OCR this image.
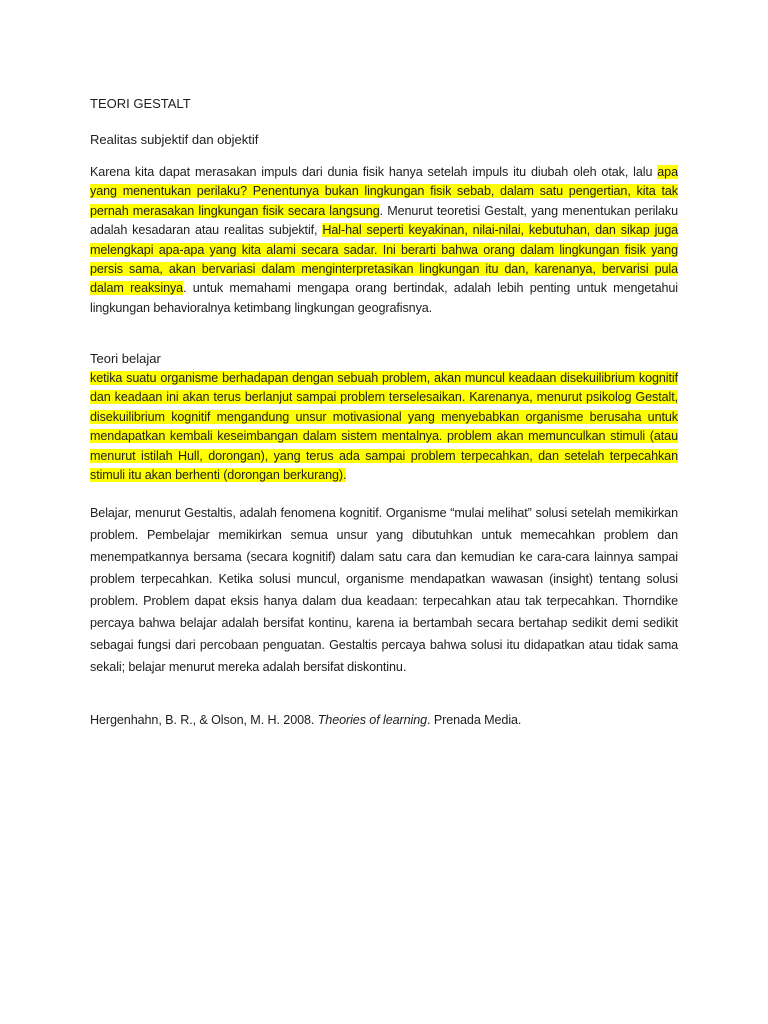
TEORI GESTALT
Realitas subjektif dan objektif
Karena kita dapat merasakan impuls dari dunia fisik hanya setelah impuls itu diubah oleh otak, lalu apa yang menentukan perilaku? Penentunya bukan lingkungan fisik sebab, dalam satu pengertian, kita tak pernah merasakan lingkungan fisik secara langsung. Menurut teoretisi Gestalt, yang menentukan perilaku adalah kesadaran atau realitas subjektif, Hal-hal seperti keyakinan, nilai-nilai, kebutuhan, dan sikap juga melengkapi apa-apa yang kita alami secara sadar. Ini berarti bahwa orang dalam lingkungan fisik yang persis sama, akan bervariasi dalam menginterpretasikan lingkungan itu dan, karenanya, bervarisi pula dalam reaksinya. untuk memahami mengapa orang bertindak, adalah lebih penting untuk mengetahui lingkungan behavioralnya ketimbang lingkungan geografisnya.
Teori belajar
ketika suatu organisme berhadapan dengan sebuah problem, akan muncul keadaan disekuilibrium kognitif dan keadaan ini akan terus berlanjut sampai problem terselesaikan. Karenanya, menurut psikolog Gestalt, disekuilibrium kognitif mengandung unsur motivasional yang menyebabkan organisme berusaha untuk mendapatkan kembali keseimbangan dalam sistem mentalnya. problem akan memunculkan stimuli (atau menurut istilah Hull, dorongan), yang terus ada sampai problem terpecahkan, dan setelah terpecahkan stimuli itu akan berhenti (dorongan berkurang).
Belajar, menurut Gestaltis, adalah fenomena kognitif. Organisme “mulai melihat” solusi setelah memikirkan problem. Pembelajar memikirkan semua unsur yang dibutuhkan untuk memecahkan problem dan menempatkannya bersama (secara kognitif) dalam satu cara dan kemudian ke cara-cara lainnya sampai problem terpecahkan. Ketika solusi muncul, organisme mendapatkan wawasan (insight) tentang solusi problem. Problem dapat eksis hanya dalam dua keadaan: terpecahkan atau tak terpecahkan. Thorndike percaya bahwa belajar adalah bersifat kontinu, karena ia bertambah secara bertahap sedikit demi sedikit sebagai fungsi dari percobaan penguatan. Gestaltis percaya bahwa solusi itu didapatkan atau tidak sama sekali; belajar menurut mereka adalah bersifat diskontinu.
Hergenhahn, B. R., & Olson, M. H. 2008. Theories of learning. Prenada Media.
